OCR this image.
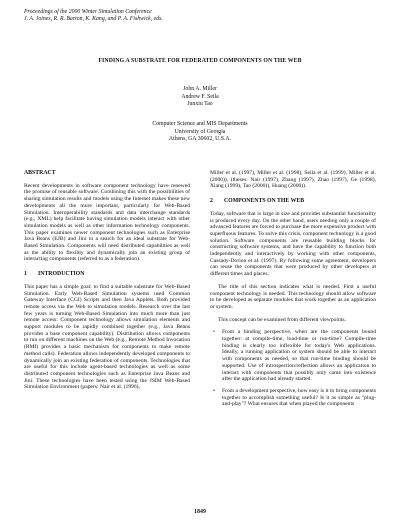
Proceedings of the 2000 Winter Simulation Conference
J. A. Joines, R. R. Barton, K. Kang, and P. A. Fishwick, eds.
FINDING A SUBSTRATE FOR FEDERATED COMPONENTS ON THE WEB
John A. Miller
Andrew F. Seila
Junxiu Tao
Computer Science and MIS Departments
University of Georgia
Athens, GA 30602, U.S.A.
ABSTRACT

Recent developments in software component technology have renewed the promise of reusable software. Combining this with the possibilities of sharing simulation results and models using the Internet makes these new developments all the more important, particularly for Web-Based Simulation. Interoperability standards and data interchange standards (e.g., XML) help facilitate having simulation models interact with other simulation models as well as other information technology components. This paper examines newer component technologies such as Enterprise Java Beans (EJB) and Jini in a search for an ideal substrate for Web-Based Simulation. Components will need distributed capabilities as well as the ability to flexibly and dynamically join an existing group of interacting components (referred to as a federation).

1 INTRODUCTION

This paper has a simple goal: to find a suitable substrate for Web-Based Simulation. Early Web-Based Simulation systems used Common Gateway Interface (CGI) Scripts and then Java Applets. Both provided remote access via the Web to simulation models. Research over the last few years is turning Web-Based Simulation into much more than just remote access: Component technology allows simulation elements and support modules to be rapidly combined together (e.g., Java Beans provides a base component capability). Distribution allows components to run on different machines on the Web (e.g., Remote Method Invocation (RMI) provides a basic mechanism for components to make remote method calls). Federation allows independently developed components to dynamically join an existing federation of components. Technologies that are useful for this include agent-based technologies as well as some distributed component technologies such as Enterprise Java Beans and Jini. These technologies have been tested using the JSIM Web-Based Simulation Environment (papers: Nair et al. (1996),

Miller et al. (1997), Miller et al. (1998), Seila et al. (1999), Miller et al. (2000)), (theses: Nair (1997), Zhang (1997), Zhao (1997), Ge (1998), Xiang (1999), Tao (2000)), Huang (2000)).

2 COMPONENTS ON THE WEB

Today, software that is large in size and provides substantial functionality is produced every day. On the other hand, users needing only a couple of advanced features are forced to purchase the more expensive product with superfluous features. To solve this crisis, component technology is a good solution. Software components are reusable building blocks for constructing software systems, and have the capability to function both independently and interactively by working with other components, Cassady-Dorion et al. (1997). By following some agreement, developers can reuse the components that were produced by other developers at different times and places.

The title of this section indicates what is needed. First a useful component technology is needed. This technology should allow software to be developed as separate modules that work together as an application or system.

This concept can be examined from different viewpoints.

• From a binding perspective, when are the components bound together: at compile-time, load-time or run-time? Compile-time binding is clearly too inflexible for today's Web applications. Ideally, a running application or system should be able to interact with components as needed, so that run-time binding should be supported. Use of introspection/reflection allows an application to interact with components that possibly only came into existence after the application had already started.
• From a development perspective, how easy is it to bring components together to accomplish something useful? Is it as simple as "plug-and-play"? What ensures that when played the components
1849
